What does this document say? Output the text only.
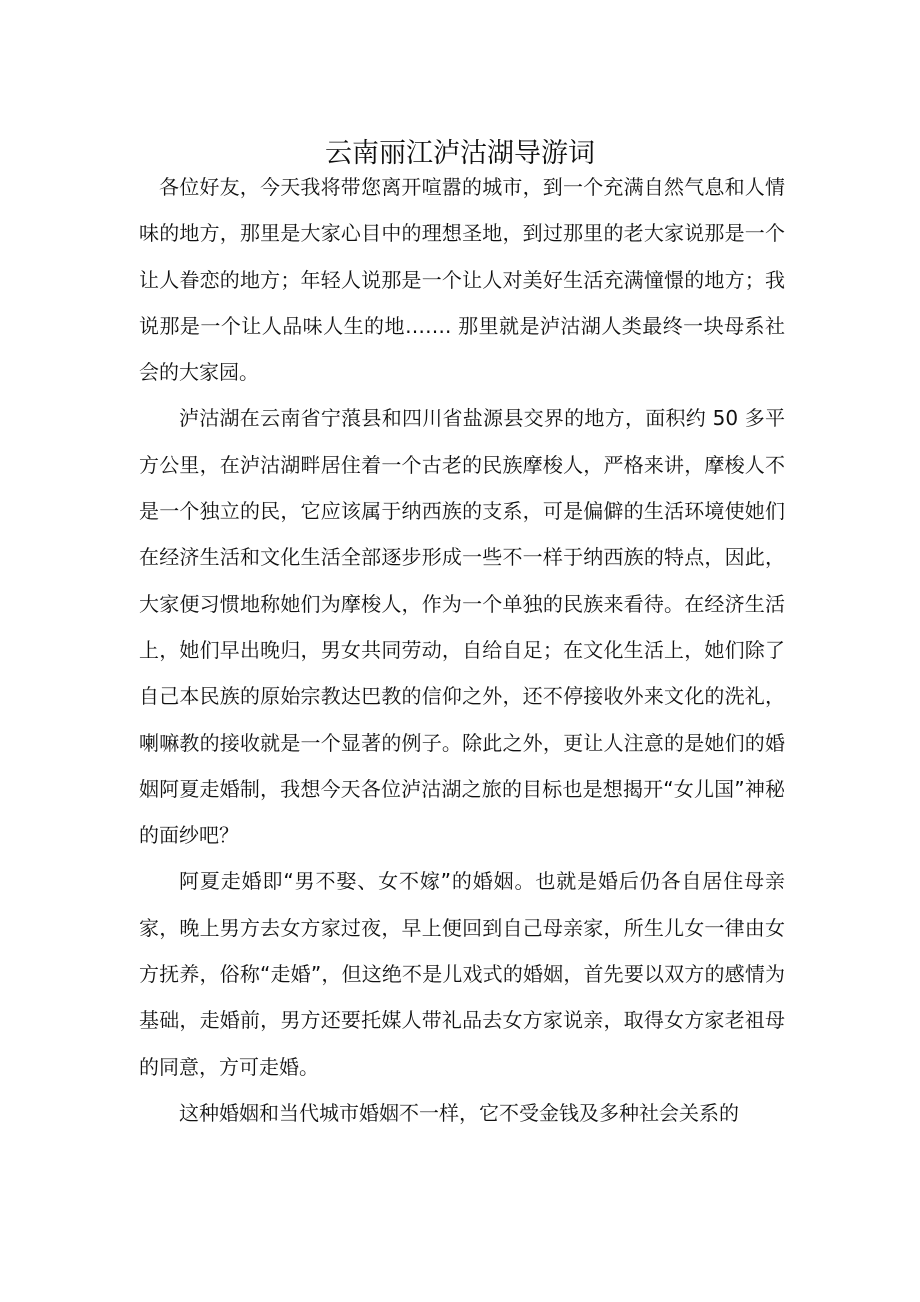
云南丽江泸沽湖导游词

各位好友，今天我将带您离开喧嚣的城市，到一个充满自然气息和人情味的地方，那里是大家心目中的理想圣地，到过那里的老大家说那是一个让人眷恋的地方；年轻人说那是一个让人对美好生活充满憧憬的地方；我说那是一个让人品味人生的地……. 那里就是泸沽湖人类最终一块母系社会的大家园。

泸沽湖在云南省宁蒗县和四川省盐源县交界的地方，面积约 50 多平方公里，在泸沽湖畔居住着一个古老的民族摩梭人，严格来讲，摩梭人不是一个独立的民，它应该属于纳西族的支系，可是偏僻的生活环境使她们在经济生活和文化生活全部逐步形成一些不一样于纳西族的特点，因此，大家便习惯地称她们为摩梭人，作为一个单独的民族来看待。在经济生活上，她们早出晚归，男女共同劳动，自给自足；在文化生活上，她们除了自己本民族的原始宗教达巴教的信仰之外，还不停接收外来文化的洗礼，喇嘛教的接收就是一个显著的例子。除此之外，更让人注意的是她们的婚姻阿夏走婚制，我想今天各位泸沽湖之旅的目标也是想揭开“女儿国”神秘的面纱吧？

阿夏走婚即“男不娶、女不嫁”的婚姻。也就是婚后仍各自居住母亲家，晚上男方去女方家过夜，早上便回到自己母亲家，所生儿女一律由女方抚养，俗称“走婚”，但这绝不是儿戏式的婚姻，首先要以双方的感情为基础，走婚前，男方还要托媒人带礼品去女方家说亲，取得女方家老祖母的同意，方可走婚。

这种婚姻和当代城市婚姻不一样，它不受金钱及多种社会关系的
